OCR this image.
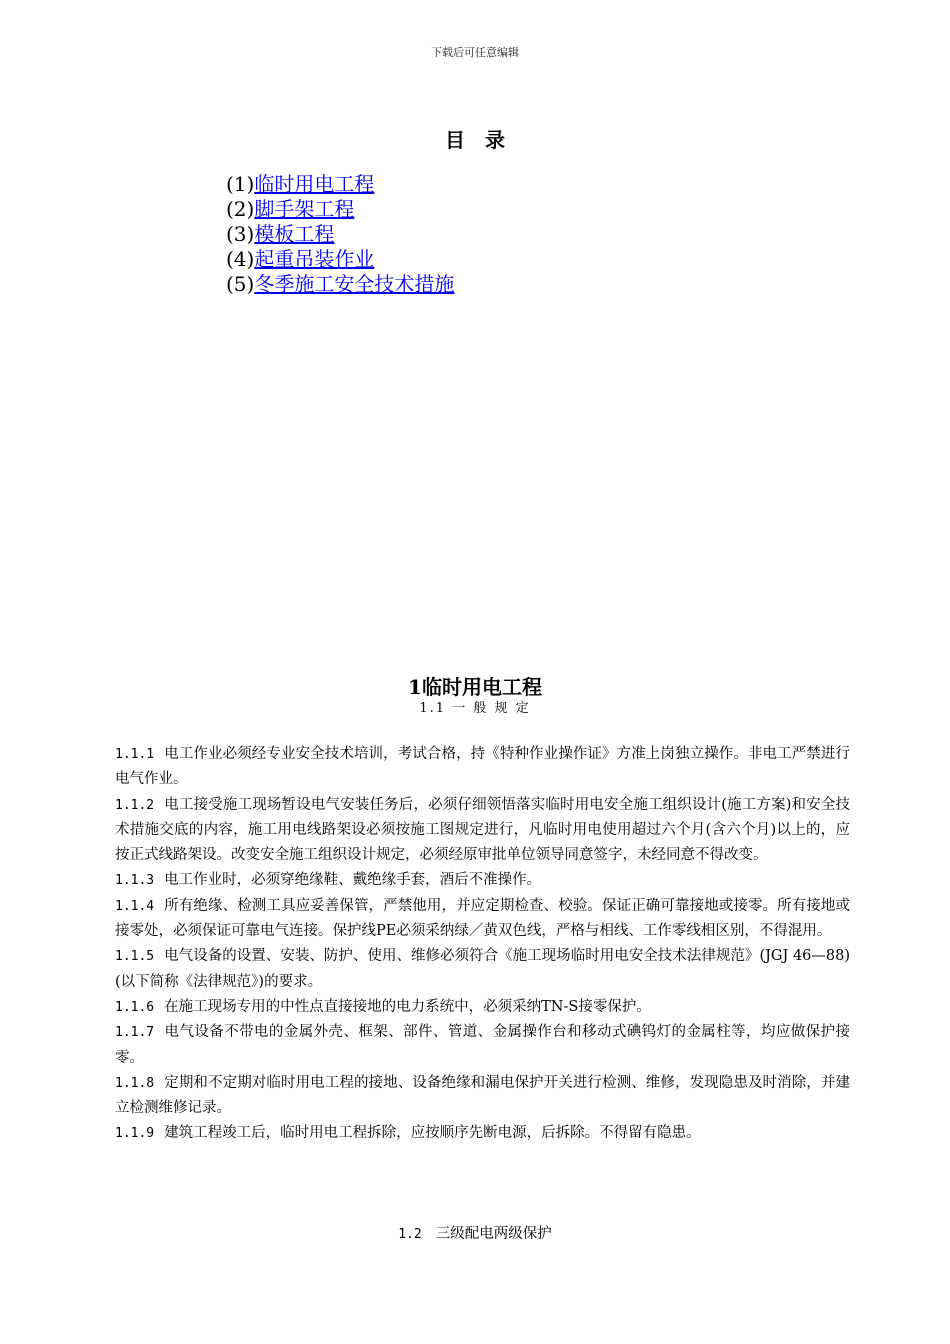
下载后可任意编辑
目录
(1)临时用电工程
(2)脚手架工程
(3)模板工程
(4)起重吊装作业
(5)冬季施工安全技术措施
1临时用电工程
1.1 一 般 规 定

1.1.1 电工作业必须经专业安全技术培训，考试合格，持《特种作业操作证》方准上岗独立操作。非电工严禁进行电气作业。

1.1.2 电工接受施工现场暂设电气安装任务后，必须仔细领悟落实临时用电安全施工组织设计(施工方案)和安全技术措施交底的内容，施工用电线路架设必须按施工图规定进行，凡临时用电使用超过六个月(含六个月)以上的，应按正式线路架设。改变安全施工组织设计规定，必须经原审批单位领导同意签字，未经同意不得改变。

1.1.3 电工作业时，必须穿绝缘鞋、戴绝缘手套，酒后不准操作。

1.1.4 所有绝缘、检测工具应妥善保管，严禁他用，并应定期检查、校验。保证正确可靠接地或接零。所有接地或接零处，必须保证可靠电气连接。保护线PE必须采纳绿／黄双色线，严格与相线、工作零线相区别，不得混用。

1.1.5 电气设备的设置、安装、防护、使用、维修必须符合《施工现场临时用电安全技术法律规范》(JGJ 46—88)(以下简称《法律规范》)的要求。

1.1.6 在施工现场专用的中性点直接接地的电力系统中，必须采纳TN-S接零保护。

1.1.7 电气设备不带电的金属外壳、框架、部件、管道、金属操作台和移动式碘钨灯的金属柱等，均应做保护接零。

1.1.8 定期和不定期对临时用电工程的接地、设备绝缘和漏电保护开关进行检测、维修，发现隐患及时消除，并建立检测维修记录。

1.1.9 建筑工程竣工后，临时用电工程拆除，应按顺序先断电源，后拆除。不得留有隐患。

1.2 三级配电两级保护
